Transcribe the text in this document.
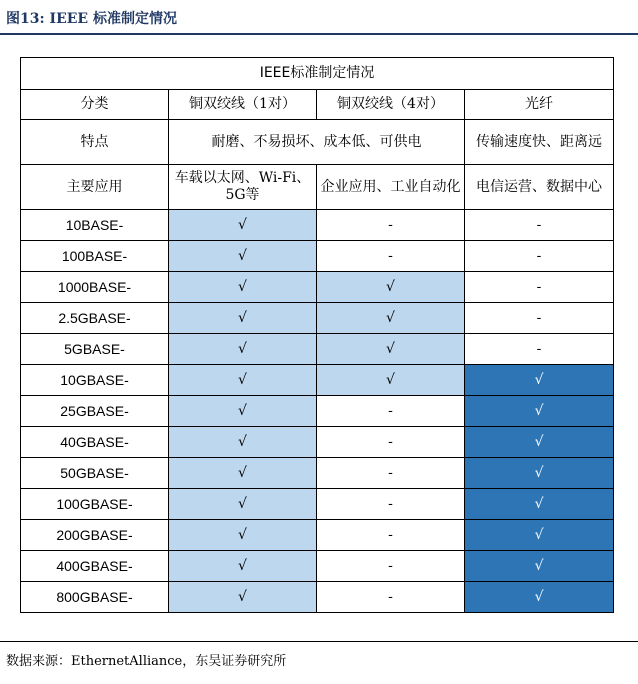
图13: IEEE 标准制定情况
IEEE标准制定情况			
分类	铜双绞线（1对）	铜双绞线（4对）	光纤
特点	耐磨、不易损坏、成本低、可供电		传输速度快、距离远
主要应用	车载以太网、Wi-Fi、5G等	企业应用、工业自动化	电信运营、数据中心
10BASE-	√	-	-
100BASE-	√	-	-
1000BASE-	√	√	-
2.5GBASE-	√	√	-
5GBASE-	√	√	-
10GBASE-	√	√	√
25GBASE-	√	-	√
40GBASE-	√	-	√
50GBASE-	√	-	√
100GBASE-	√	-	√
200GBASE-	√	-	√
400GBASE-	√	-	√
800GBASE-	√	-	√
数据来源：EthernetAlliance，东吴证券研究所
